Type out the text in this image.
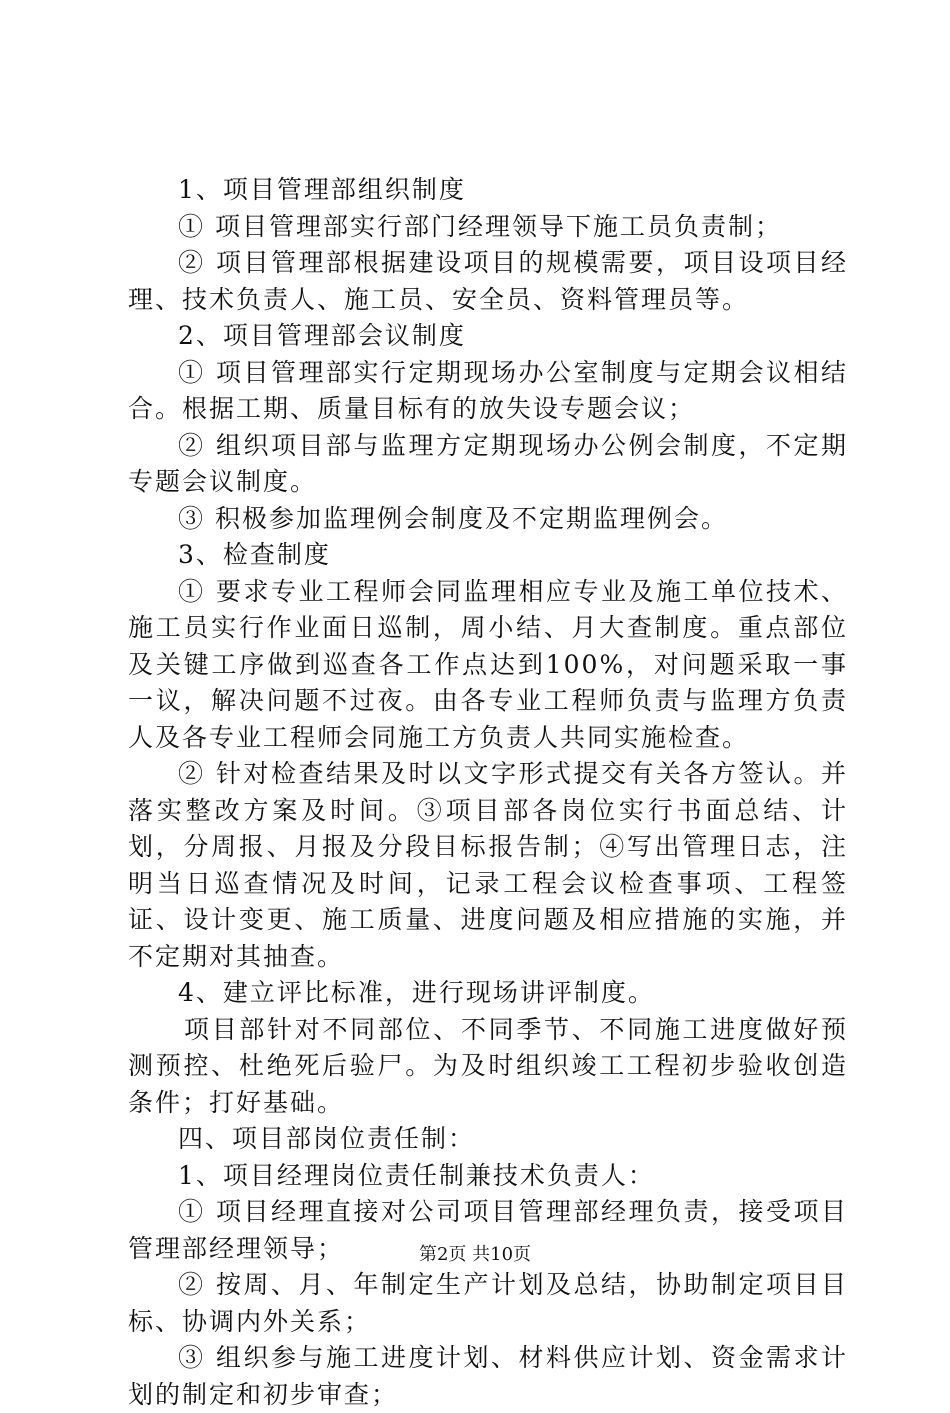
1、项目管理部组织制度

① 项目管理部实行部门经理领导下施工员负责制；

② 项目管理部根据建设项目的规模需要，项目设项目经理、技术负责人、施工员、安全员、资料管理员等。

2、项目管理部会议制度

① 项目管理部实行定期现场办公室制度与定期会议相结合。根据工期、质量目标有的放失设专题会议；

② 组织项目部与监理方定期现场办公例会制度，不定期专题会议制度。

③ 积极参加监理例会制度及不定期监理例会。

3、检查制度

① 要求专业工程师会同监理相应专业及施工单位技术、施工员实行作业面日巡制，周小结、月大查制度。重点部位及关键工序做到巡查各工作点达到100%，对问题采取一事一议，解决问题不过夜。由各专业工程师负责与监理方负责人及各专业工程师会同施工方负责人共同实施检查。

② 针对检查结果及时以文字形式提交有关各方签认。并落实整改方案及时间。③项目部各岗位实行书面总结、计划，分周报、月报及分段目标报告制；④写出管理日志，注明当日巡查情况及时间，记录工程会议检查事项、工程签证、设计变更、施工质量、进度问题及相应措施的实施，并不定期对其抽查。

4、建立评比标准，进行现场讲评制度。

项目部针对不同部位、不同季节、不同施工进度做好预测预控、杜绝死后验尸。为及时组织竣工工程初步验收创造条件；打好基础。

四、项目部岗位责任制：

1、项目经理岗位责任制兼技术负责人：

① 项目经理直接对公司项目管理部经理负责，接受项目管理部经理领导；

② 按周、月、年制定生产计划及总结，协助制定项目目标、协调内外关系；

③ 组织参与施工进度计划、材料供应计划、资金需求计划的制定和初步审查；

第2页 共10页
